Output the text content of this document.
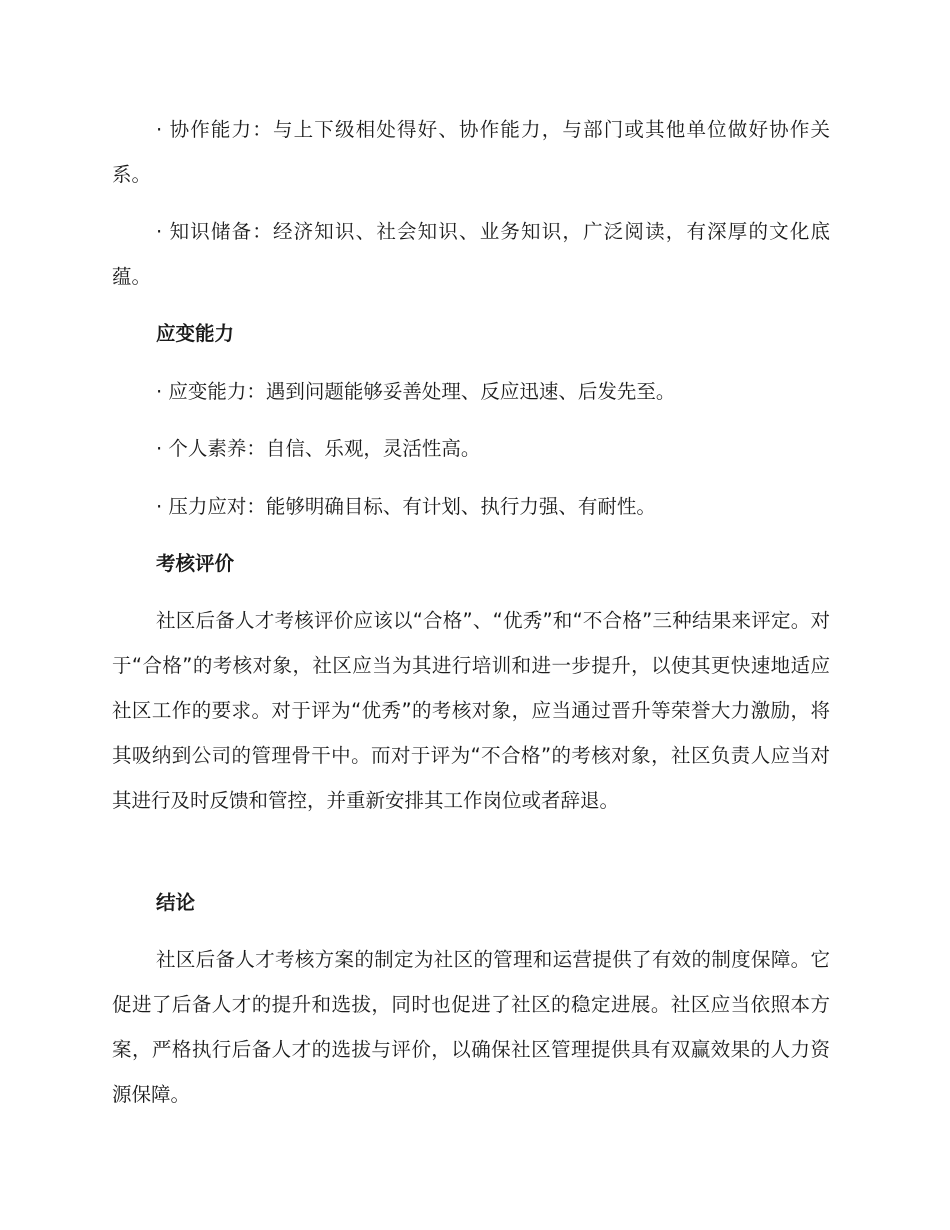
· 协作能力：与上下级相处得好、协作能力，与部门或其他单位做好协作关系。
· 知识储备：经济知识、社会知识、业务知识，广泛阅读，有深厚的文化底蕴。
应变能力
· 应变能力：遇到问题能够妥善处理、反应迅速、后发先至。
· 个人素养：自信、乐观，灵活性高。
· 压力应对：能够明确目标、有计划、执行力强、有耐性。
考核评价
社区后备人才考核评价应该以“合格”、“优秀”和“不合格”三种结果来评定。对于“合格”的考核对象，社区应当为其进行培训和进一步提升，以使其更快速地适应社区工作的要求。对于评为“优秀”的考核对象，应当通过晋升等荣誉大力激励，将其吸纳到公司的管理骨干中。而对于评为“不合格”的考核对象，社区负责人应当对其进行及时反馈和管控，并重新安排其工作岗位或者辞退。
结论
社区后备人才考核方案的制定为社区的管理和运营提供了有效的制度保障。它促进了后备人才的提升和选拔，同时也促进了社区的稳定进展。社区应当依照本方案，严格执行后备人才的选拔与评价，以确保社区管理提供具有双赢效果的人力资源保障。
